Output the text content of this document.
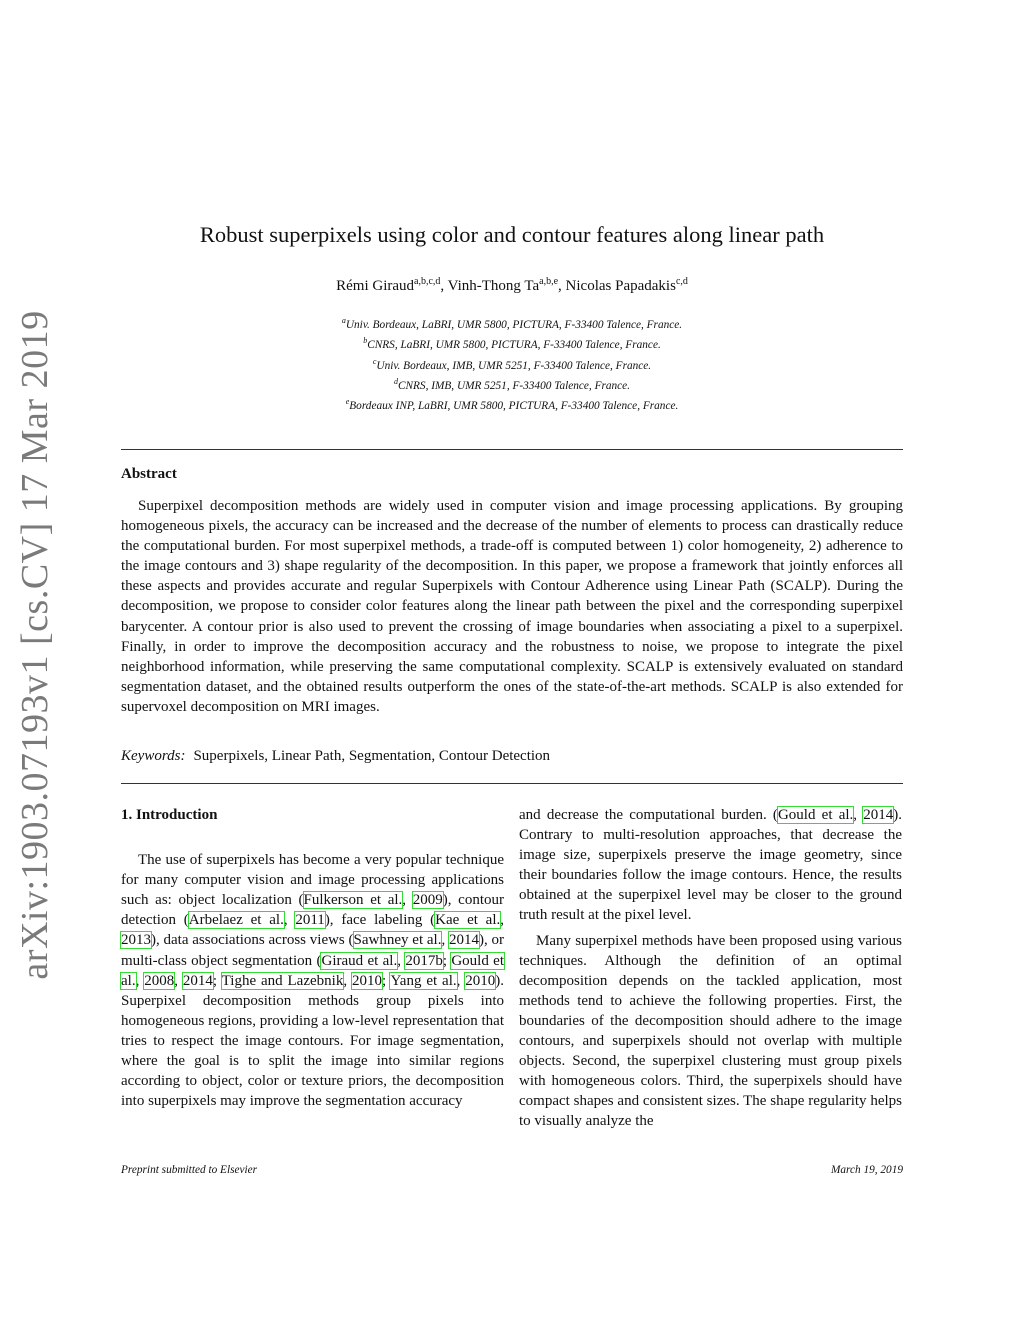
arXiv:1903.07193v1 [cs.CV] 17 Mar 2019
Robust superpixels using color and contour features along linear path
Rémi Giraud$^{a,b,c,d}$, Vinh-Thong Ta$^{a,b,e}$, Nicolas Papadakis$^{c,d}$
$^a$Univ. Bordeaux, LaBRI, UMR 5800, PICTURA, F-33400 Talence, France.
$^b$CNRS, LaBRI, UMR 5800, PICTURA, F-33400 Talence, France.
$^c$Univ. Bordeaux, IMB, UMR 5251, F-33400 Talence, France.
$^d$CNRS, IMB, UMR 5251, F-33400 Talence, France.
$^e$Bordeaux INP, LaBRI, UMR 5800, PICTURA, F-33400 Talence, France.
Abstract

Superpixel decomposition methods are widely used in computer vision and image processing applications. By grouping homogeneous pixels, the accuracy can be increased and the decrease of the number of elements to process can drastically reduce the computational burden. For most superpixel methods, a trade-off is computed between 1) color homogeneity, 2) adherence to the image contours and 3) shape regularity of the decomposition. In this paper, we propose a framework that jointly enforces all these aspects and provides accurate and regular Superpixels with Contour Adherence using Linear Path (SCALP). During the decomposition, we propose to consider color features along the linear path between the pixel and the corresponding superpixel barycenter. A contour prior is also used to prevent the crossing of image boundaries when associating a pixel to a superpixel. Finally, in order to improve the decomposition accuracy and the robustness to noise, we propose to integrate the pixel neighborhood information, while preserving the same computational complexity. SCALP is extensively evaluated on standard segmentation dataset, and the obtained results outperform the ones of the state-of-the-art methods. SCALP is also extended for supervoxel decomposition on MRI images.

Keywords: Superpixels, Linear Path, Segmentation, Contour Detection

1. Introduction

The use of superpixels has become a very popular technique for many computer vision and image processing applications such as: object localization (Fulkerson et al., 2009), contour detection (Arbelaez et al., 2011), face labeling (Kae et al., 2013), data associations across views (Sawhney et al., 2014), or multi-class object segmentation (Giraud et al., 2017b; Gould et al., 2008, 2014; Tighe and Lazebnik, 2010; Yang et al., 2010). Superpixel decomposition methods group pixels into homogeneous regions, providing a low-level representation that tries to respect the image contours. For image segmentation, where the goal is to split the image into similar regions according to object, color or texture priors, the decomposition into superpixels may improve the segmentation accuracy

and decrease the computational burden. (Gould et al., 2014). Contrary to multi-resolution approaches, that decrease the image size, superpixels preserve the image geometry, since their boundaries follow the image contours. Hence, the results obtained at the superpixel level may be closer to the ground truth result at the pixel level.

Many superpixel methods have been proposed using various techniques. Although the definition of an optimal decomposition depends on the tackled application, most methods tend to achieve the following properties. First, the boundaries of the decomposition should adhere to the image contours, and superpixels should not overlap with multiple objects. Second, the superpixel clustering must group pixels with homogeneous colors. Third, the superpixels should have compact shapes and consistent sizes. The shape regularity helps to visually analyze the

Preprint submitted to Elsevier	March 19, 2019
